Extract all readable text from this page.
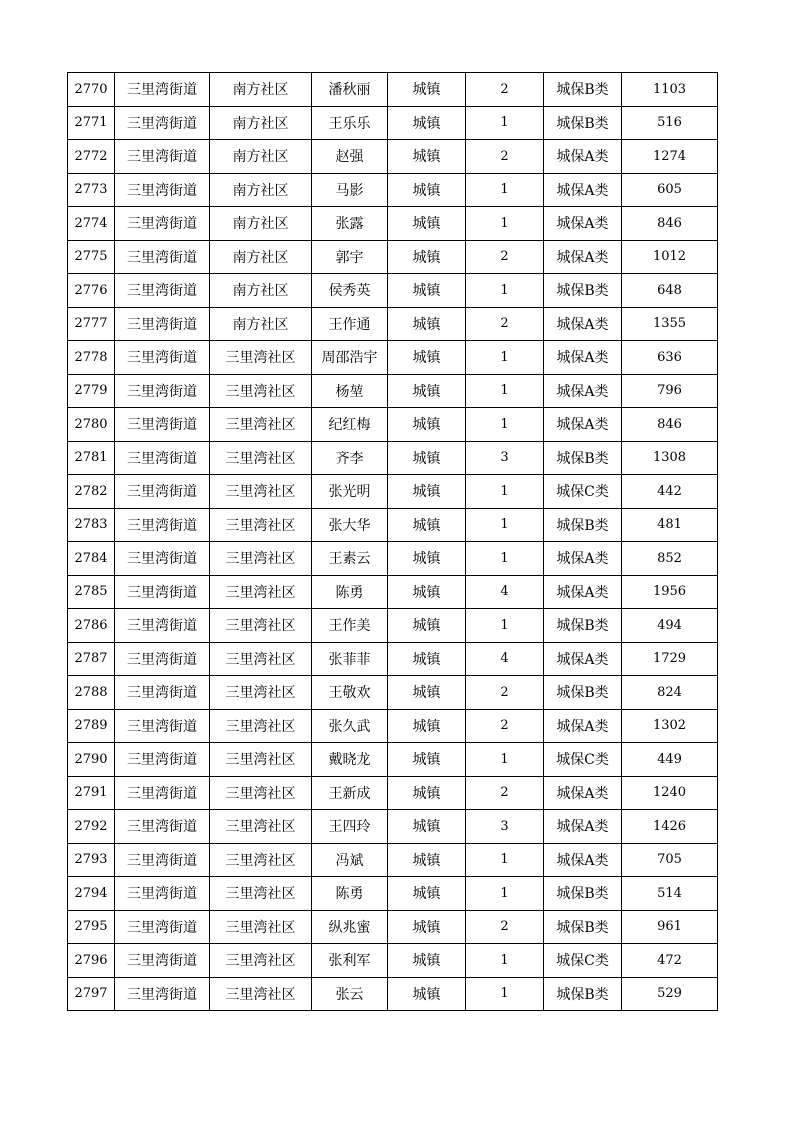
2770	三里湾街道	南方社区	潘秋丽	城镇	2	城保B类	1103
2771	三里湾街道	南方社区	王乐乐	城镇	1	城保B类	516
2772	三里湾街道	南方社区	赵强	城镇	2	城保A类	1274
2773	三里湾街道	南方社区	马影	城镇	1	城保A类	605
2774	三里湾街道	南方社区	张露	城镇	1	城保A类	846
2775	三里湾街道	南方社区	郭宇	城镇	2	城保A类	1012
2776	三里湾街道	南方社区	侯秀英	城镇	1	城保B类	648
2777	三里湾街道	南方社区	王作通	城镇	2	城保A类	1355
2778	三里湾街道	三里湾社区	周邵浩宇	城镇	1	城保A类	636
2779	三里湾街道	三里湾社区	杨堃	城镇	1	城保A类	796
2780	三里湾街道	三里湾社区	纪红梅	城镇	1	城保A类	846
2781	三里湾街道	三里湾社区	齐李	城镇	3	城保B类	1308
2782	三里湾街道	三里湾社区	张光明	城镇	1	城保C类	442
2783	三里湾街道	三里湾社区	张大华	城镇	1	城保B类	481
2784	三里湾街道	三里湾社区	王素云	城镇	1	城保A类	852
2785	三里湾街道	三里湾社区	陈勇	城镇	4	城保A类	1956
2786	三里湾街道	三里湾社区	王作美	城镇	1	城保B类	494
2787	三里湾街道	三里湾社区	张菲菲	城镇	4	城保A类	1729
2788	三里湾街道	三里湾社区	王敬欢	城镇	2	城保B类	824
2789	三里湾街道	三里湾社区	张久武	城镇	2	城保A类	1302
2790	三里湾街道	三里湾社区	戴晓龙	城镇	1	城保C类	449
2791	三里湾街道	三里湾社区	王新成	城镇	2	城保A类	1240
2792	三里湾街道	三里湾社区	王四玲	城镇	3	城保A类	1426
2793	三里湾街道	三里湾社区	冯斌	城镇	1	城保A类	705
2794	三里湾街道	三里湾社区	陈勇	城镇	1	城保B类	514
2795	三里湾街道	三里湾社区	纵兆蜜	城镇	2	城保B类	961
2796	三里湾街道	三里湾社区	张利军	城镇	1	城保C类	472
2797	三里湾街道	三里湾社区	张云	城镇	1	城保B类	529
